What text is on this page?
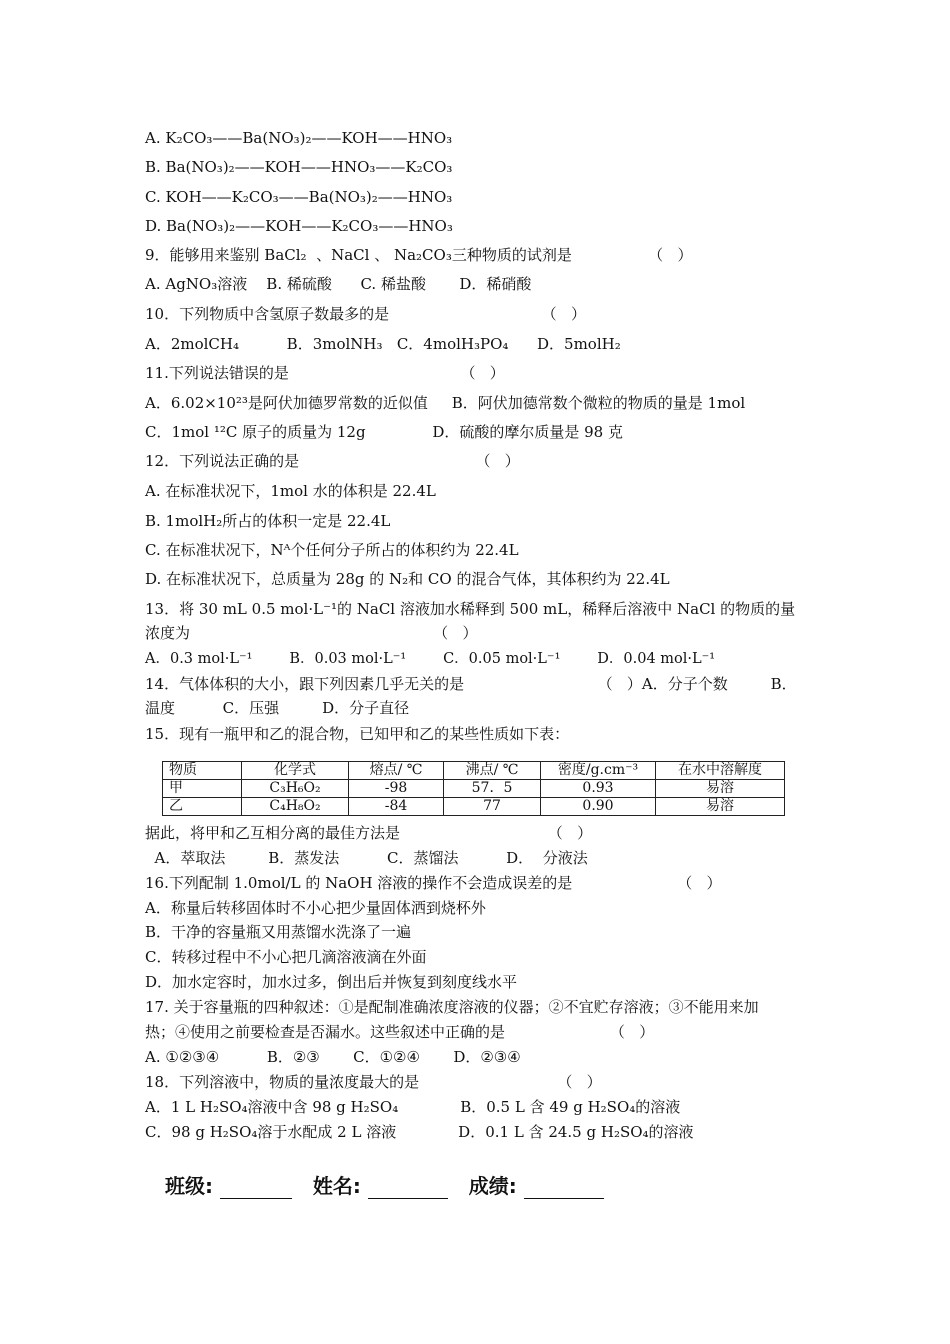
A. K₂CO₃——Ba(NO₃)₂——KOH——HNO₃
B. Ba(NO₃)₂——KOH——HNO₃——K₂CO₃
C. KOH——K₂CO₃——Ba(NO₃)₂——HNO₃
D. Ba(NO₃)₂——KOH——K₂CO₃——HNO₃
9．能够用来鉴别 BaCl₂  、NaCl 、 Na₂CO₃三种物质的试剂是                （   ）
A. AgNO₃溶液    B. 稀硫酸      C. 稀盐酸       D．稀硝酸
10．下列物质中含氢原子数最多的是                                （   ）
A．2molCH₄          B．3molNH₃   C．4molH₃PO₄      D．5molH₂
11.下列说法错误的是                                    （   ）
A．6.02×10²³是阿伏加德罗常数的近似值     B．阿伏加德常数个微粒的物质的量是 1mol
C．1mol ¹²C 原子的质量为 12g              D．硫酸的摩尔质量是 98 克
12．下列说法正确的是                                     （   ）
A. 在标准状况下，1mol 水的体积是 22.4L
B. 1molH₂所占的体积一定是 22.4L
C. 在标准状况下，Nᴬ个任何分子所占的体积约为 22.4L
D. 在标准状况下，总质量为 28g 的 N₂和 CO 的混合气体，其体积约为 22.4L
13．将 30 mL 0.5 mol·L⁻¹的 NaCl 溶液加水稀释到 500 mL，稀释后溶液中 NaCl 的物质的量
浓度为                                                   （   ）
A．0.3 mol·L⁻¹        B．0.03 mol·L⁻¹        C．0.05 mol·L⁻¹        D．0.04 mol·L⁻¹
14．气体体积的大小，跟下列因素几乎无关的是                            （   ）A．分子个数         B．
温度          C．压强         D．分子直径
15．现有一瓶甲和乙的混合物，已知甲和乙的某些性质如下表：
物质	化学式	熔点/ ℃	沸点/ ℃	密度/g.cm⁻³	在水中溶解度
甲	C₃H₆O₂	-98	57．5	0.93	易溶
乙	C₄H₈O₂	-84	77	0.90	易溶
据此，将甲和乙互相分离的最佳方法是                               （   ）
A．萃取法         B．蒸发法          C．蒸馏法          D．  分液法
16.下列配制 1.0mol/L 的 NaOH 溶液的操作不会造成误差的是                      （   ）
A．称量后转移固体时不小心把少量固体洒到烧杯外
B．干净的容量瓶又用蒸馏水洗涤了一遍
C．转移过程中不小心把几滴溶液滴在外面
D．加水定容时，加水过多，倒出后并恢复到刻度线水平
17. 关于容量瓶的四种叙述：①是配制准确浓度溶液的仪器；②不宜贮存溶液；③不能用来加
热；④使用之前要检查是否漏水。这些叙述中正确的是                      （   ）
A. ①②③④          B．②③       C．①②④       D．②③④
18．下列溶液中，物质的量浓度最大的是                             （   ）
A．1 L H₂SO₄溶液中含 98 g H₂SO₄             B．0.5 L 含 49 g H₂SO₄的溶液
C．98 g H₂SO₄溶于水配成 2 L 溶液             D．0.1 L 含 24.5 g H₂SO₄的溶液
班级:	姓名:	成绩:
